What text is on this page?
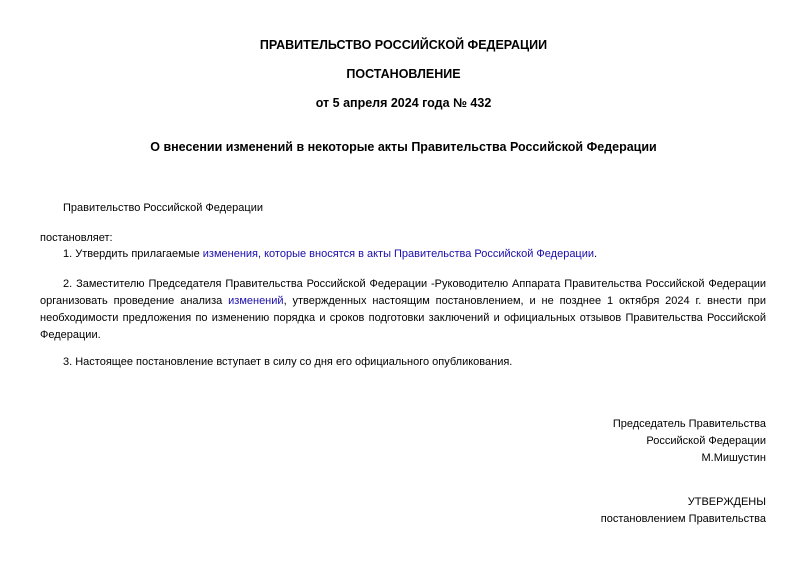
ПРАВИТЕЛЬСТВО РОССИЙСКОЙ ФЕДЕРАЦИИ
ПОСТАНОВЛЕНИЕ
от 5 апреля 2024 года № 432
О внесении изменений в некоторые акты Правительства Российской Федерации
Правительство Российской Федерации
постановляет:
1. Утвердить прилагаемые изменения, которые вносятся в акты Правительства Российской Федерации.
2. Заместителю Председателя Правительства Российской Федерации -Руководителю Аппарата Правительства Российской Федерации организовать проведение анализа изменений, утвержденных настоящим постановлением, и не позднее 1 октября 2024 г. внести при необходимости предложения по изменению порядка и сроков подготовки заключений и официальных отзывов Правительства Российской Федерации.
3. Настоящее постановление вступает в силу со дня его официального опубликования.
Председатель Правительства
Российской Федерации
М.Мишустин
УТВЕРЖДЕНЫ
постановлением Правительства
